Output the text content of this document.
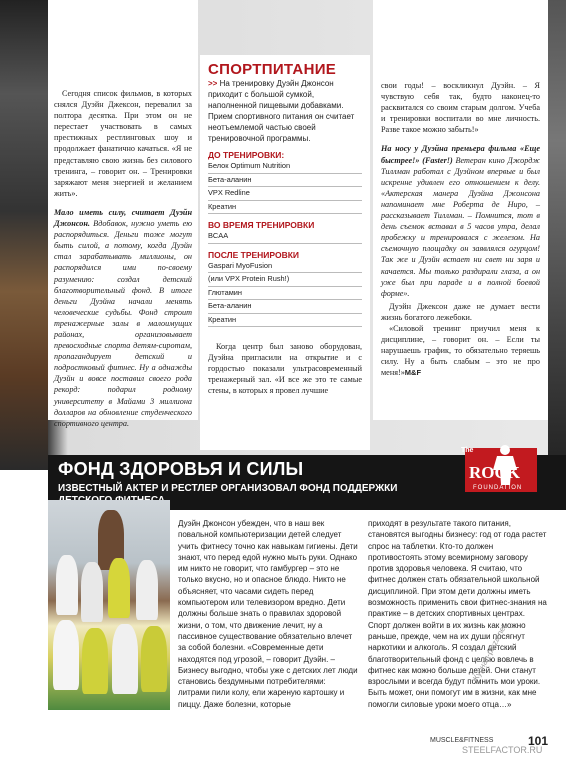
Сегодня список фильмов, в которых снялся Дуэйн Джексон, перевалил за полтора десятка. При этом он не перестает участвовать в самых престижных рестлинговых шоу и продолжает фанатично качаться. «Я не представляю свою жизнь без силового тренинга, – говорит он. – Тренировки заряжают меня энергией и желанием жить».

Мало иметь силу, считает Дуэйн Джонсон. Вдобавок, нужно уметь ею распорядиться. Деньги тоже могут быть силой, а потому, когда Дуэйн стал зарабатывать миллионы, он распорядился ими по-своему разумению: создал детский благотворительный фонд. В итоге деньги Дуэйна начали менять человеческие судьбы. Фонд строит тренажерные залы в малоимущих районах, организовывает превосходные спорта детям-сиротам, пропагандирует детский и подростковый фитнес. Ну а однажды Дуэйн и вовсе поставил своего рода рекорд: подарил родному университету в Майами 3 миллиона долларов на обновление студенческого спортивного центра.

СПОРТПИТАНИЕ

>> На тренировку Дуэйн Джонсон приходит с большой сумкой, наполненной пищевыми добавками. Прием спортивного питания он считает неотъемлемой частью своей тренировочной программы.

ДО ТРЕНИРОВКИ:
Белок Optimum Nutrition
Бета-аланин
VPX Redline
Креатин
ВО ВРЕМЯ ТРЕНИРОВКИ
BCAA
ПОСЛЕ ТРЕНИРОВКИ
Gaspari MyoFusion
(или VPX Protein Rush!)
Глютамин
Бета-аланин
Креатин

Когда центр был заново оборудован, Дуэйна пригласили на открытие и с гордостью показали ультрасовременный тренажерный зал. «И все же это те самые стены, в которых я провел лучшие

свои годы! – воскликнул Дуэйн. – Я чувствую себя так, будто наконец-то расквитался со своим старым долгом. Учеба и тренировки воспитали во мне личность. Разве такое можно забыть!»

На носу у Дуэйна премьера фильма «Еще быстрее!» (Faster!) Ветеран кино Джордж Тиллман работал с Дуэйном впервые и был искренне удивлен его отношением к делу. «Актерская манера Дуэйна Джонсона напоминает мне Роберта де Ниро, – рассказывает Тиллман. – Помнится, тот в день съемок вставал в 5 часов утра, делал пробежку и тренировался с железом. На съемочную площадку он заявлялся огурцом! Так же и Дуэйн встает ни свет ни заря и качается. Мы только раздирали глаза, а он уже был при параде и в полной боевой форме».

Дуэйн Джексон даже не думает вести жизнь богатого лежебоки.

«Силовой тренинг приучил меня к дисциплине, – говорит он. – Если ты нарушаешь график, то обязательно теряешь силу. Ну а быть слабым – это не про меня!»M&F

ФОНД ЗДОРОВЬЯ И СИЛЫ
ИЗВЕСТНЫЙ АКТЕР И РЕСТЛЕР ОРГАНИЗОВАЛ ФОНД ПОДДЕРЖКИ
The
ROCK
FOUNDATION
Дуэйн Джонсон убежден, что в наш век повальной компьютеризации детей следует учить фитнесу точно как навыкам гигиены. Дети знают, что перед едой нужно мыть руки. Однако им никто не говорит, что гамбургер – это не только вкусно, но и опасное блюдо. Никто не объясняет, что часами сидеть перед компьютером или телевизором вредно. Дети должны больше знать о правилах здоровой жизни, о том, что движение лечит, ну а пассивное существование обязательно влечет за собой болезни. «Современные дети находятся под угрозой, – говорит Дуэйн. – Бизнесу выгодно, чтобы уже с детских лет люди становись бездумными потребителями: литрами пили колу, ели жареную картошку и пиццу. Даже болезни, которые
приходят в результате такого питания, становятся выгодны бизнесу: год от года растет спрос на таблетки. Кто-то должен противостоять этому всемирному заговору против здоровья человека. Я считаю, что фитнес должен стать обязательной школьной дисциплиной. При этом дети должны иметь возможность применить свои фитнес-знания на практике – в детских спортивных центрах. Спорт должен войти в их жизнь как можно раньше, прежде, чем на их души посягнут наркотики и алкоголь. Я создал детский благотворительный фонд с целью вовлечь в фитнес как можно больше детей. Они станут взрослыми и всегда будут помнить мои уроки. Быть может, они помогут им в жизни, как мне помогли силовые уроки моего отца…»
MUSCLE&FITNESS	101
STEELFACTOR.RU
Журнал-plaza.net
